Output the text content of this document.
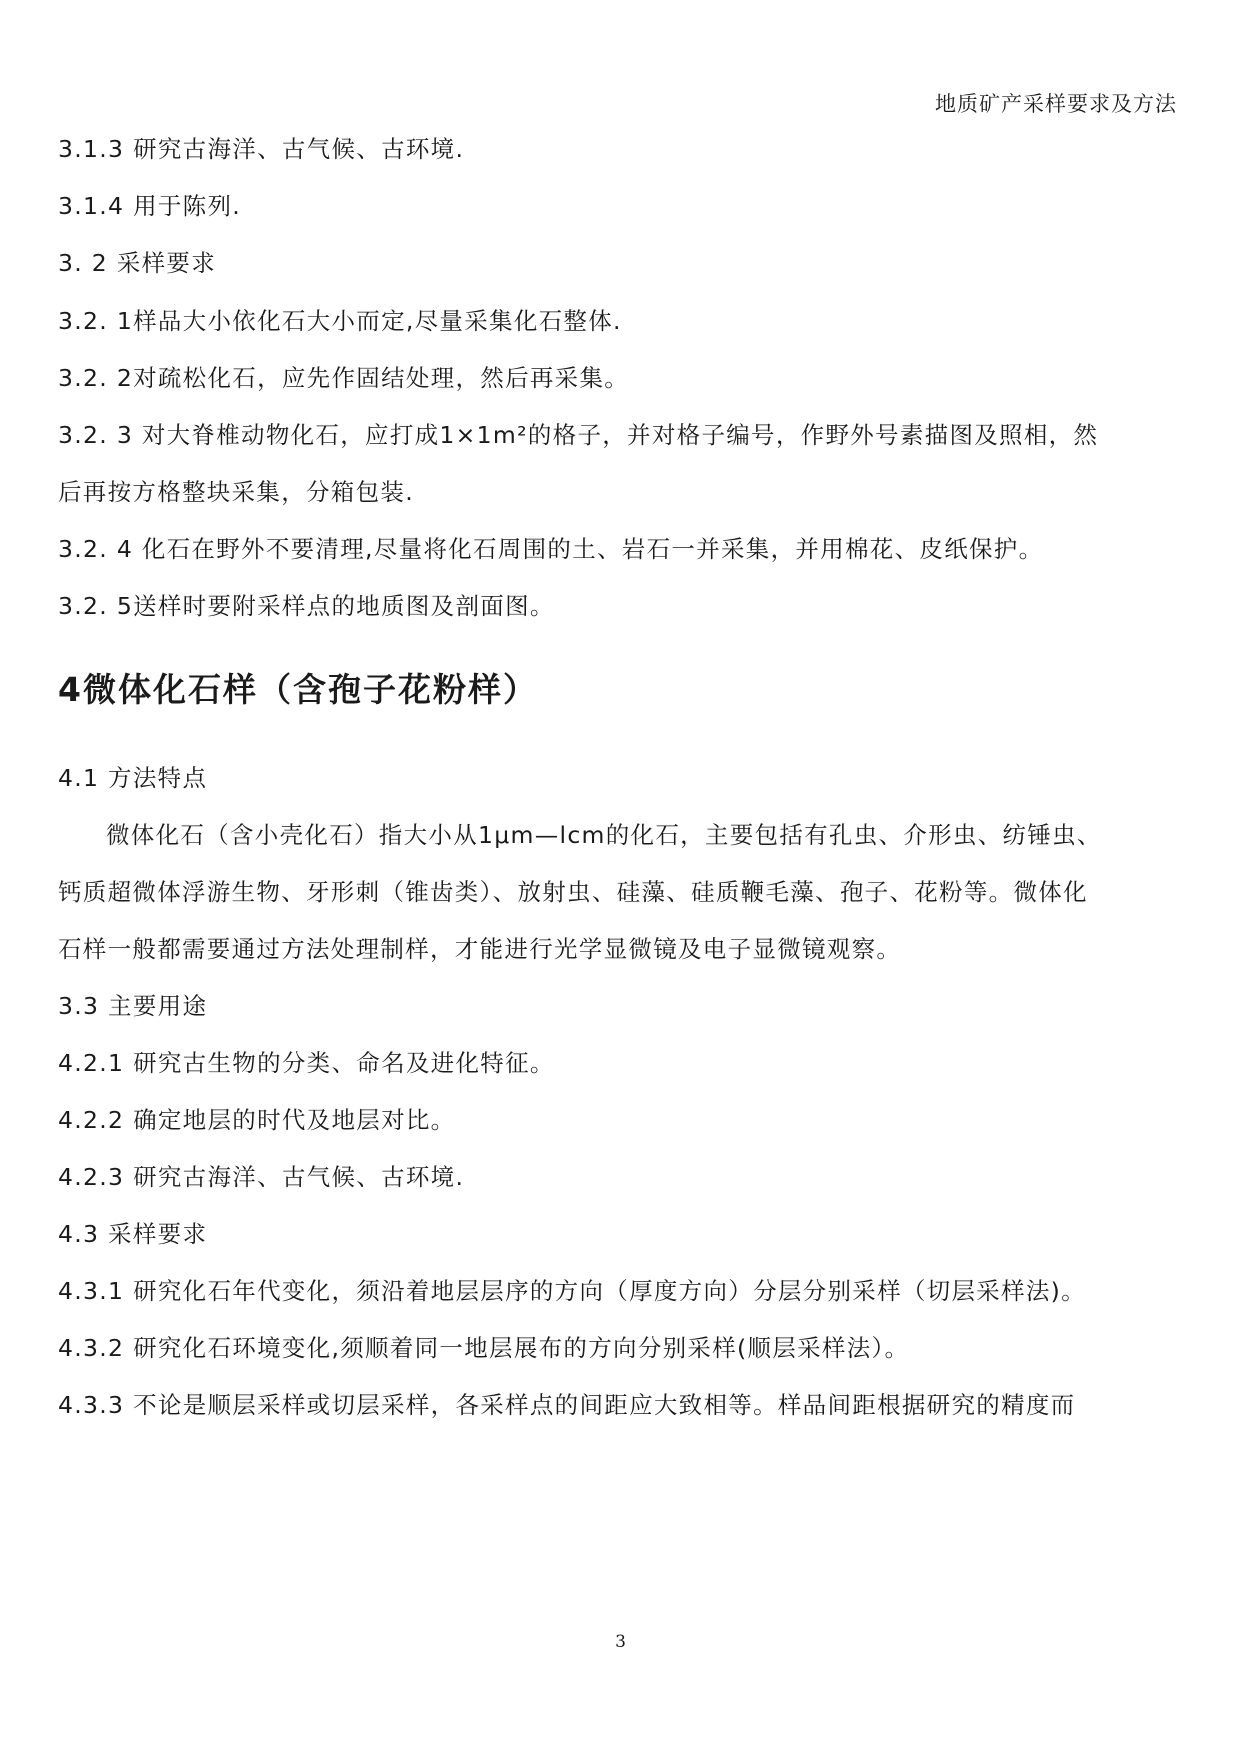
地质矿产采样要求及方法
3.1.3 研究古海洋、古气候、古环境.
3.1.4 用于陈列.
3. 2 采样要求
3.2. 1样品大小依化石大小而定,尽量采集化石整体.
3.2. 2对疏松化石，应先作固结处理，然后再采集。
3.2. 3 对大脊椎动物化石，应打成1×1m²的格子，并对格子编号，作野外号素描图及照相，然
后再按方格整块采集，分箱包装.
3.2. 4 化石在野外不要清理,尽量将化石周围的土、岩石一并采集，并用棉花、皮纸保护。
3.2. 5送样时要附采样点的地质图及剖面图。
4微体化石样（含孢子花粉样）
4.1 方法特点
微体化石（含小壳化石）指大小从1μm—lcm的化石，主要包括有孔虫、介形虫、纺锤虫、
钙质超微体浮游生物、牙形刺（锥齿类）、放射虫、硅藻、硅质鞭毛藻、孢子、花粉等。微体化
石样一般都需要通过方法处理制样，才能进行光学显微镜及电子显微镜观察。
3.3 主要用途
4.2.1 研究古生物的分类、命名及进化特征。
4.2.2 确定地层的时代及地层对比。
4.2.3 研究古海洋、古气候、古环境.
4.3 采样要求
4.3.1 研究化石年代变化，须沿着地层层序的方向（厚度方向）分层分别采样（切层采样法)。
4.3.2 研究化石环境变化,须顺着同一地层展布的方向分别采样(顺层采样法）。
4.3.3 不论是顺层采样或切层采样，各采样点的间距应大致相等。样品间距根据研究的精度而
3
